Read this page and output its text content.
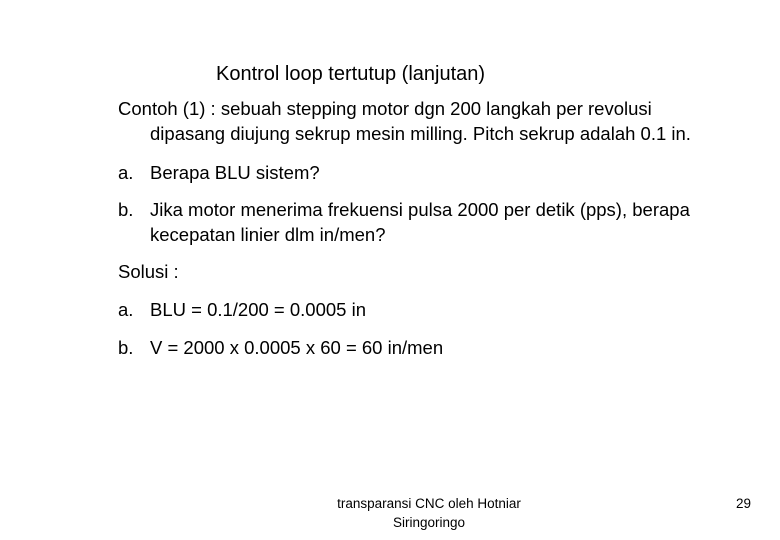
Kontrol loop tertutup (lanjutan)
Contoh (1) : sebuah stepping motor dgn 200 langkah per revolusi
dipasang diujung sekrup mesin milling. Pitch sekrup adalah 0.1 in.
a. Berapa BLU sistem?
b. Jika motor menerima frekuensi pulsa 2000 per detik (pps), berapa
kecepatan linier dlm in/men?
Solusi :
a. BLU = 0.1/200 = 0.0005 in
b. V = 2000 x 0.0005 x 60 = 60 in/men
transparansi CNC oleh Hotniar
Siringoringo
29
